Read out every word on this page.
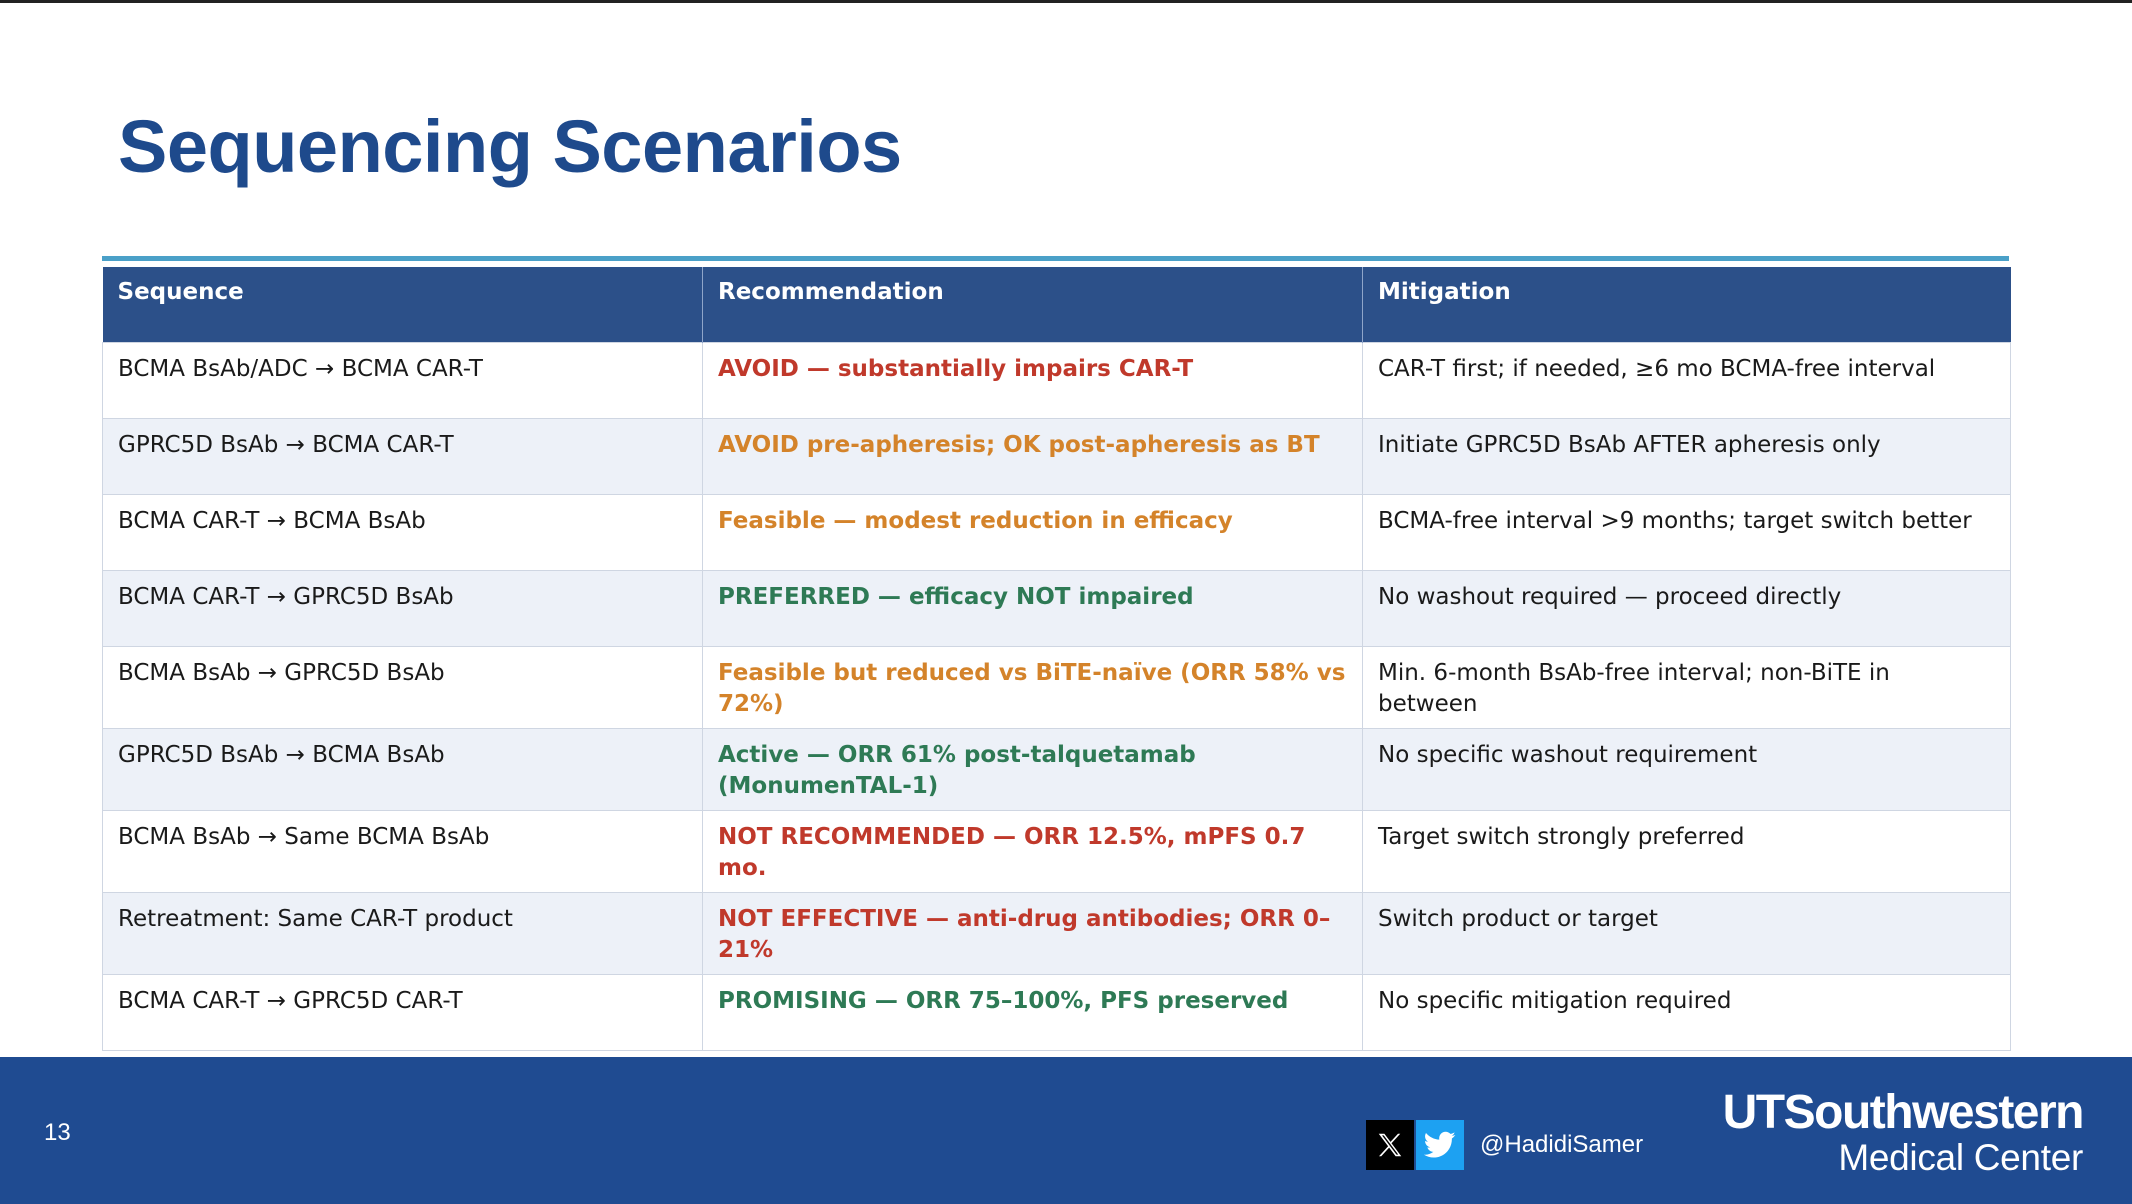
Sequencing Scenarios
Sequence	Recommendation	Mitigation
BCMA BsAb/ADC → BCMA CAR-T	AVOID — substantially impairs CAR-T	CAR-T first; if needed, ≥6 mo BCMA-free interval
GPRC5D BsAb → BCMA CAR-T	AVOID pre-apheresis; OK post-apheresis as BT	Initiate GPRC5D BsAb AFTER apheresis only
BCMA CAR-T → BCMA BsAb	Feasible — modest reduction in efficacy	BCMA-free interval >9 months; target switch better
BCMA CAR-T → GPRC5D BsAb	PREFERRED — efficacy NOT impaired	No washout required — proceed directly
BCMA BsAb → GPRC5D BsAb	Feasible but reduced vs BiTE-naïve (ORR 58% vs 72%)	Min. 6-month BsAb-free interval; non-BiTE in between
GPRC5D BsAb → BCMA BsAb	Active — ORR 61% post-talquetamab (MonumenTAL-1)	No specific washout requirement
BCMA BsAb → Same BCMA BsAb	NOT RECOMMENDED — ORR 12.5%, mPFS 0.7 mo.	Target switch strongly preferred
Retreatment: Same CAR-T product	NOT EFFECTIVE — anti-drug antibodies; ORR 0–21%	Switch product or target
BCMA CAR-T → GPRC5D CAR-T	PROMISING — ORR 75–100%, PFS preserved	No specific mitigation required
13	@HadidiSamer
UTSouthwestern
Medical Center
